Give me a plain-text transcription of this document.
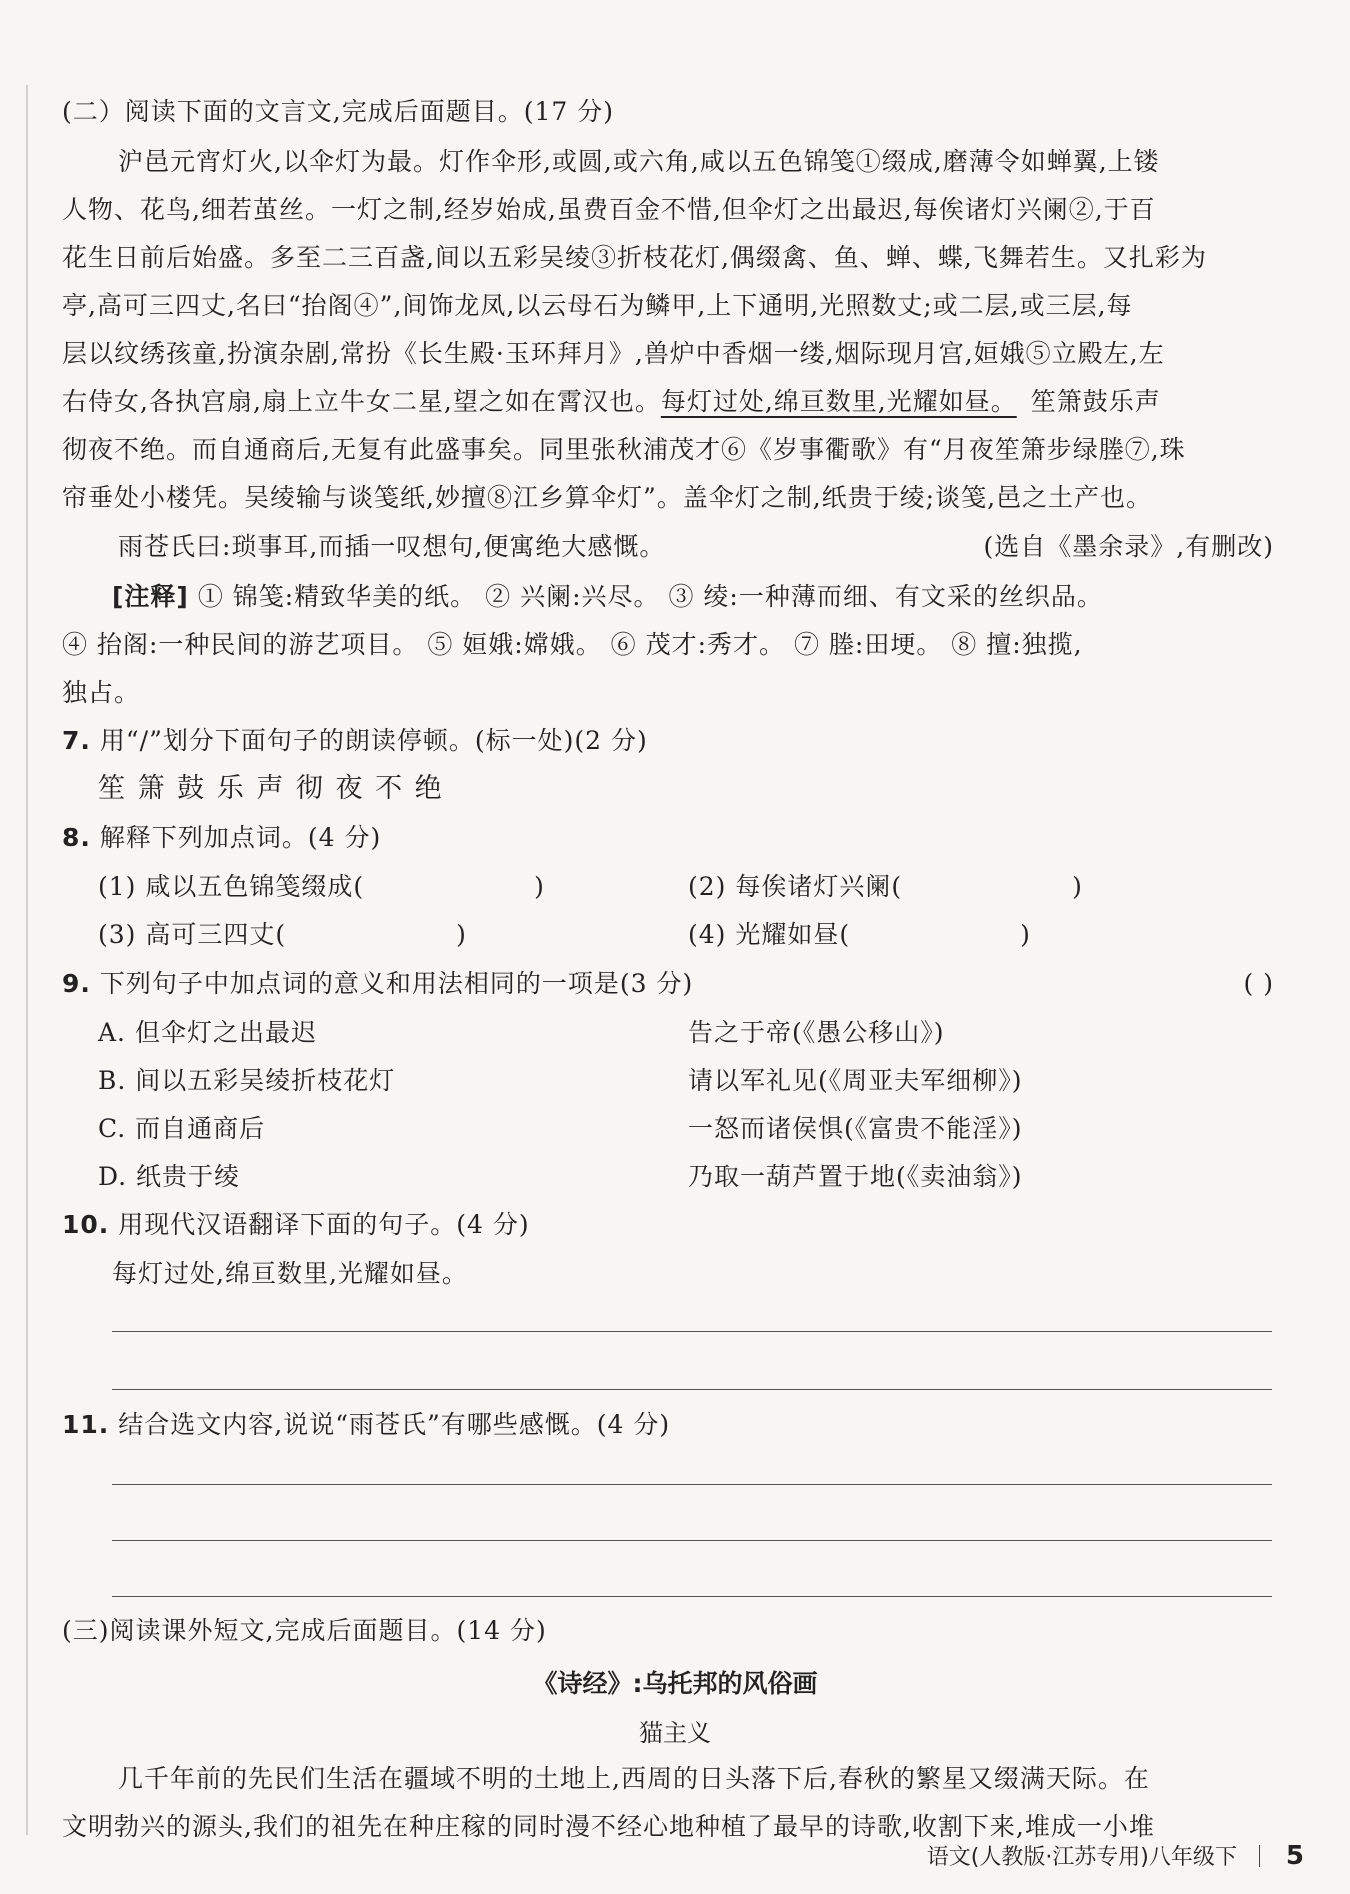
(二）阅读下面的文言文,完成后面题目。(17 分)
沪邑元宵灯火,以伞灯为最。灯作伞形,或圆,或六角,咸以五色锦笺①缀成,磨薄令如蝉翼,上镂
人物、花鸟,细若茧丝。一灯之制,经岁始成,虽费百金不惜,但伞灯之出最迟,每俟诸灯兴阑②,于百
花生日前后始盛。多至二三百盏,间以五彩吴绫③折枝花灯,偶缀禽、鱼、蝉、蝶,飞舞若生。又扎彩为
亭,高可三四丈,名曰“抬阁④”,间饰龙凤,以云母石为鳞甲,上下通明,光照数丈;或二层,或三层,每
层以纹绣孩童,扮演杂剧,常扮《长生殿·玉环拜月》,兽炉中香烟一缕,烟际现月宫,姮娥⑤立殿左,左
右侍女,各执宫扇,扇上立牛女二星,望之如在霄汉也。每灯过处,绵亘数里,光耀如昼。 笙箫鼓乐声
彻夜不绝。而自通商后,无复有此盛事矣。同里张秋浦茂才⑥《岁事衢歌》有“月夜笙箫步绿塍⑦,珠
帘垂处小楼凭。吴绫输与谈笺纸,妙擅⑧江乡算伞灯”。盖伞灯之制,纸贵于绫;谈笺,邑之土产也。
雨苍氏曰:琐事耳,而插一叹想句,便寓绝大感慨。	(选自《墨余录》,有删改)
[注释] ① 锦笺:精致华美的纸。 ② 兴阑:兴尽。 ③ 绫:一种薄而细、有文采的丝织品。
④ 抬阁:一种民间的游艺项目。 ⑤ 姮娥:嫦娥。 ⑥ 茂才:秀才。 ⑦ 塍:田埂。 ⑧ 擅:独揽,
独占。
7. 用“/”划分下面句子的朗读停顿。(标一处)(2 分)
笙 箫 鼓 乐 声 彻 夜 不 绝
8. 解释下列加点词。(4 分)
(1) 咸以五色锦笺缀成(	)	(2) 每俟诸灯兴阑(	)
(3) 高可三四丈(	)	(4) 光耀如昼(	)
9. 下列句子中加点词的意义和用法相同的一项是(3 分)	( )
A. 但伞灯之出最迟	告之于帝(《愚公移山》)
B. 间以五彩吴绫折枝花灯	请以军礼见(《周亚夫军细柳》)
C. 而自通商后	一怒而诸侯惧(《富贵不能淫》)
D. 纸贵于绫	乃取一葫芦置于地(《卖油翁》)
10. 用现代汉语翻译下面的句子。(4 分)
每灯过处,绵亘数里,光耀如昼。
11. 结合选文内容,说说“雨苍氏”有哪些感慨。(4 分)
(三)阅读课外短文,完成后面题目。(14 分)
《诗经》:乌托邦的风俗画
猫主义
几千年前的先民们生活在疆域不明的土地上,西周的日头落下后,春秋的繁星又缀满天际。在
文明勃兴的源头,我们的祖先在种庄稼的同时漫不经心地种植了最早的诗歌,收割下来,堆成一小堆
语文(人教版·江苏专用)八年级下 5
